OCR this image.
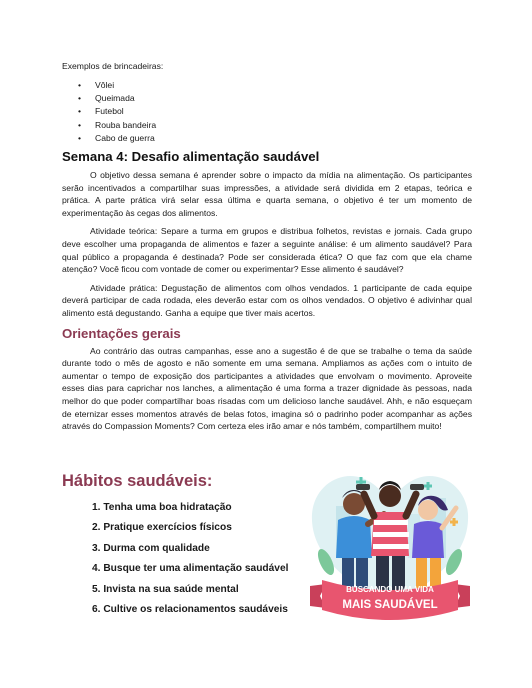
Exemplos de brincadeiras:

• Vôlei
• Queimada
• Futebol
• Rouba bandeira
• Cabo de guerra
Semana 4: Desafio alimentação saudável

O objetivo dessa semana é aprender sobre o impacto da mídia na alimentação. Os participantes serão incentivados a compartilhar suas impressões, a atividade será dividida em 2 etapas, teórica e prática. A parte prática virá selar essa última e quarta semana, o objetivo é ter um momento de experimentação às cegas dos alimentos.

Atividade teórica: Separe a turma em grupos e distribua folhetos, revistas e jornais. Cada grupo deve escolher uma propaganda de alimentos e fazer a seguinte análise: é um alimento saudável? Para qual público a propaganda é destinada? Pode ser considerada ética? O que faz com que ela chame atenção? Você ficou com vontade de comer ou experimentar? Esse alimento é saudável?

Atividade prática: Degustação de alimentos com olhos vendados. 1 participante de cada equipe deverá participar de cada rodada, eles deverão estar com os olhos vendados. O objetivo é adivinhar qual alimento está degustando. Ganha a equipe que tiver mais acertos.

Orientações gerais

Ao contrário das outras campanhas, esse ano a sugestão é de que se trabalhe o tema da saúde durante todo o mês de agosto e não somente em uma semana. Ampliamos as ações com o intuito de aumentar o tempo de exposição dos participantes a atividades que envolvam o movimento. Aproveite esses dias para caprichar nos lanches, a alimentação é uma forma a trazer dignidade às pessoas, nada melhor do que poder compartilhar boas risadas com um delicioso lanche saudável. Ahh, e não esqueçam de eternizar esses momentos através de belas fotos, imagina só o padrinho poder acompanhar as ações através do Compassion Moments? Com certeza eles irão amar e nós também, compartilhem muito!

Hábitos saudáveis:
1. Tenha uma boa hidratação
2. Pratique exercícios físicos
3. Durma com qualidade
4. Busque ter uma alimentação saudável
5. Invista na sua saúde mental
6. Cultive os relacionamentos saudáveis
BUSCANDO UMA VIDA
MAIS SAUDÁVEL
